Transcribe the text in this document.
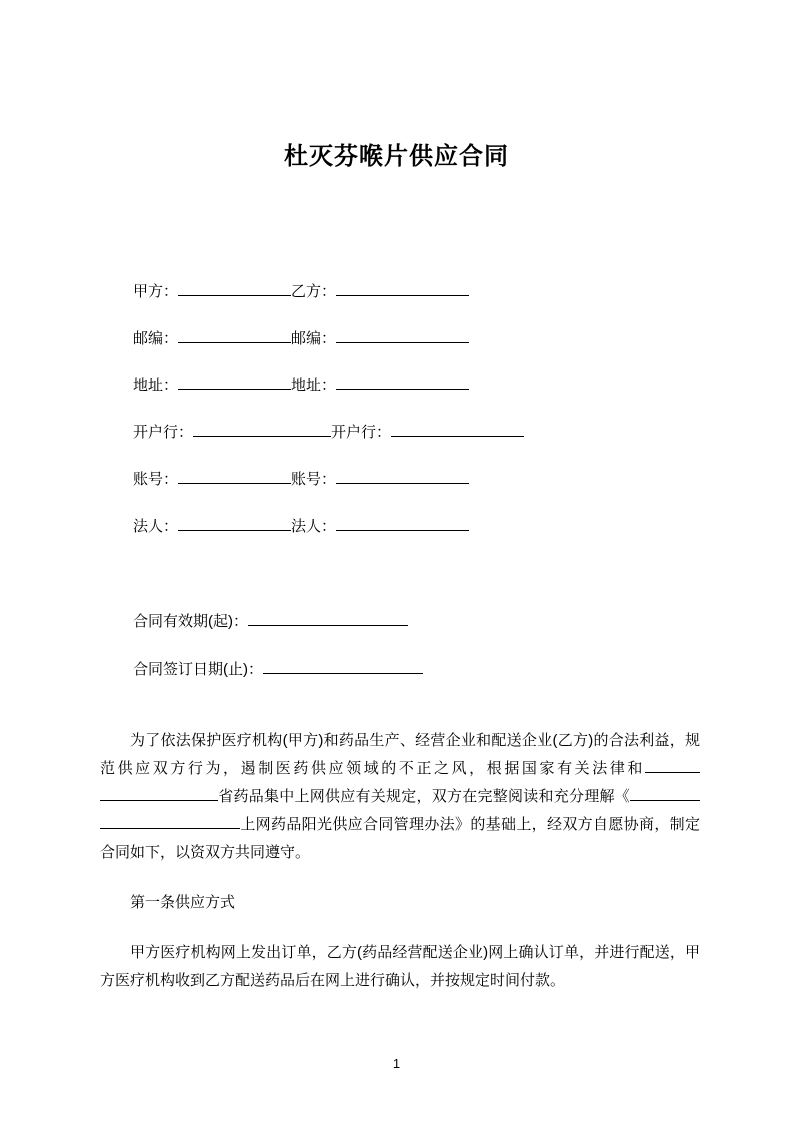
杜灭芬喉片供应合同
甲方：	乙方：
邮编：	邮编：
地址：	地址：
开户行：	开户行：
账号：	账号：
法人：	法人：
合同有效期(起)：
合同签订日期(止)：

为了依法保护医疗机构(甲方)和药品生产、经营企业和配送企业(乙方)的合法利益，规范供应双方行为，遏制医药供应领域的不正之风，根据国家有关法律和省药品集中上网供应有关规定，双方在完整阅读和充分理解《上网药品阳光供应合同管理办法》的基础上，经双方自愿协商，制定合同如下，以资双方共同遵守。

第一条供应方式

甲方医疗机构网上发出订单，乙方(药品经营配送企业)网上确认订单，并进行配送，甲方医疗机构收到乙方配送药品后在网上进行确认，并按规定时间付款。

1
